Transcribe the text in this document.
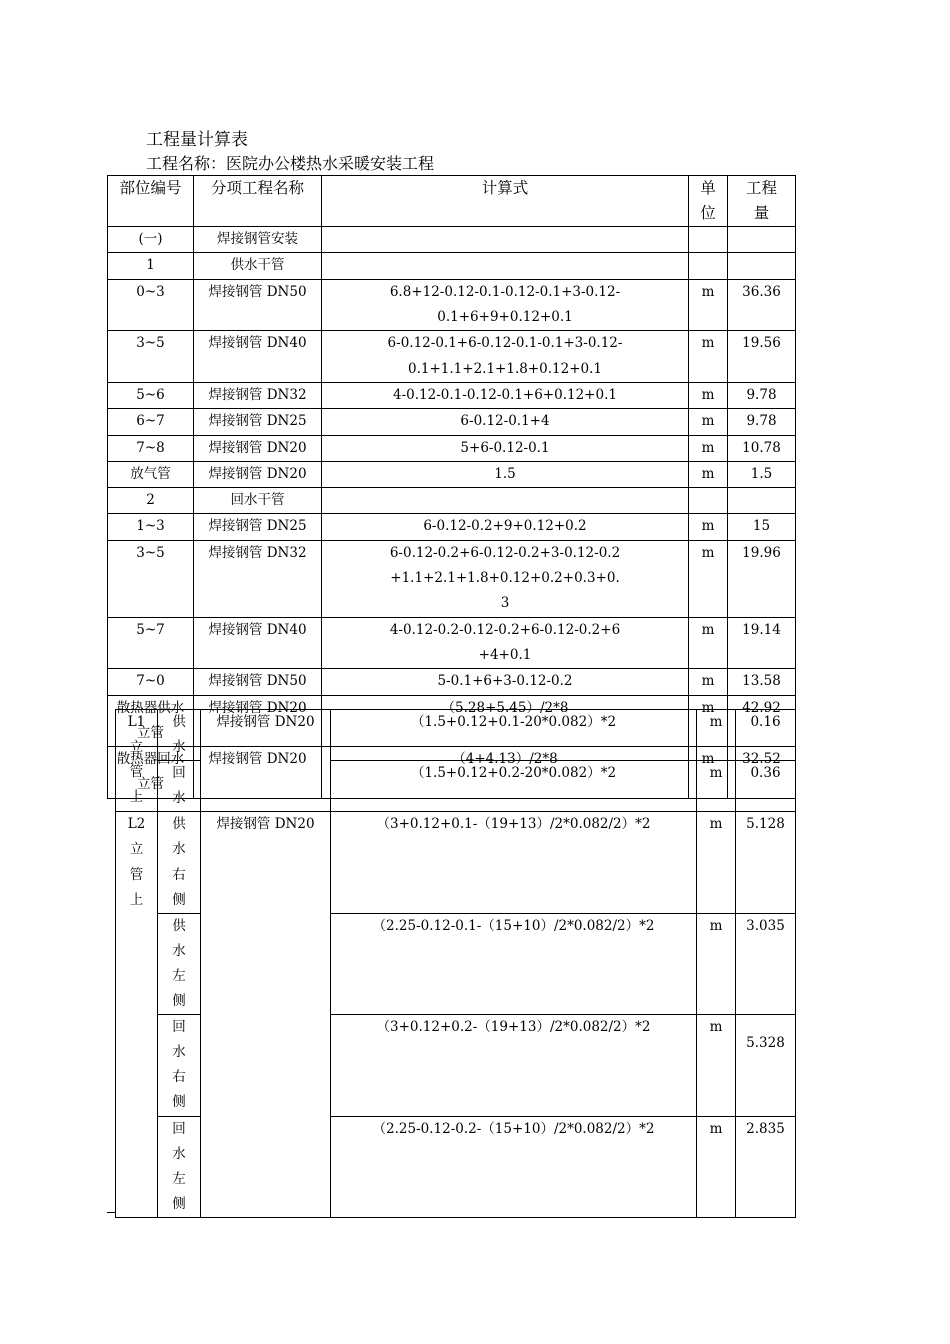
工程量计算表
工程名称：医院办公楼热水采暖安装工程
部位编号	分项工程名称	计算式	单位	工程量

(一)	焊接钢管安装	

1	供水干管	

0~3	焊接钢管 DN50	6.8+12-0.12-0.1-0.12-0.1+3-0.12-0.1+6+9+0.12+0.1	m	36.36
3~5	焊接钢管 DN40	6-0.12-0.1+6-0.12-0.1-0.1+3-0.12-0.1+1.1+2.1+1.8+0.12+0.1	m	19.56
5~6	焊接钢管 DN32	4-0.12-0.1-0.12-0.1+6+0.12+0.1	m	9.78
6~7	焊接钢管 DN25	6-0.12-0.1+4	m	9.78
7~8	焊接钢管 DN20	5+6-0.12-0.1	m	10.78
放气管	焊接钢管 DN20	1.5	m	1.5
2	回水干管	

1~3	焊接钢管 DN25	6-0.12-0.2+9+0.12+0.2	m	15
3~5	焊接钢管 DN32	6-0.12-0.2+6-0.12-0.2+3-0.12-0.2+1.1+2.1+1.8+0.12+0.2+0.3+0.3	m	19.96
5~7	焊接钢管 DN40	4-0.12-0.2-0.12-0.2+6-0.12-0.2+6+4+0.1	m	19.14
7~0	焊接钢管 DN50	5-0.1+6+3-0.12-0.2	m	13.58

散热器供水立管	焊接钢管 DN20	（5.28+5.45）/2*8	m	42.92

散热器回水立管	焊接钢管 DN20	（4+4.13）/2*8	m	32.52
L1立管上	供水	焊接钢管 DN20	（1.5+0.12+0.1-20*0.082）*2	m	0.16

	回水		（1.5+0.12+0.2-20*0.082）*2	m	0.36

L2立管上	供水右侧	焊接钢管 DN20	（3+0.12+0.1-（19+13）/2*0.082/2）*2	m	5.128

	供水左侧		（2.25-0.12-0.1-（15+10）/2*0.082/2）*2	m	3.035

	回水右侧		（3+0.12+0.2-（19+13）/2*0.082/2）*2	m	5.328

	回水左侧		（2.25-0.12-0.2-（15+10）/2*0.082/2）*2	m	2.835
